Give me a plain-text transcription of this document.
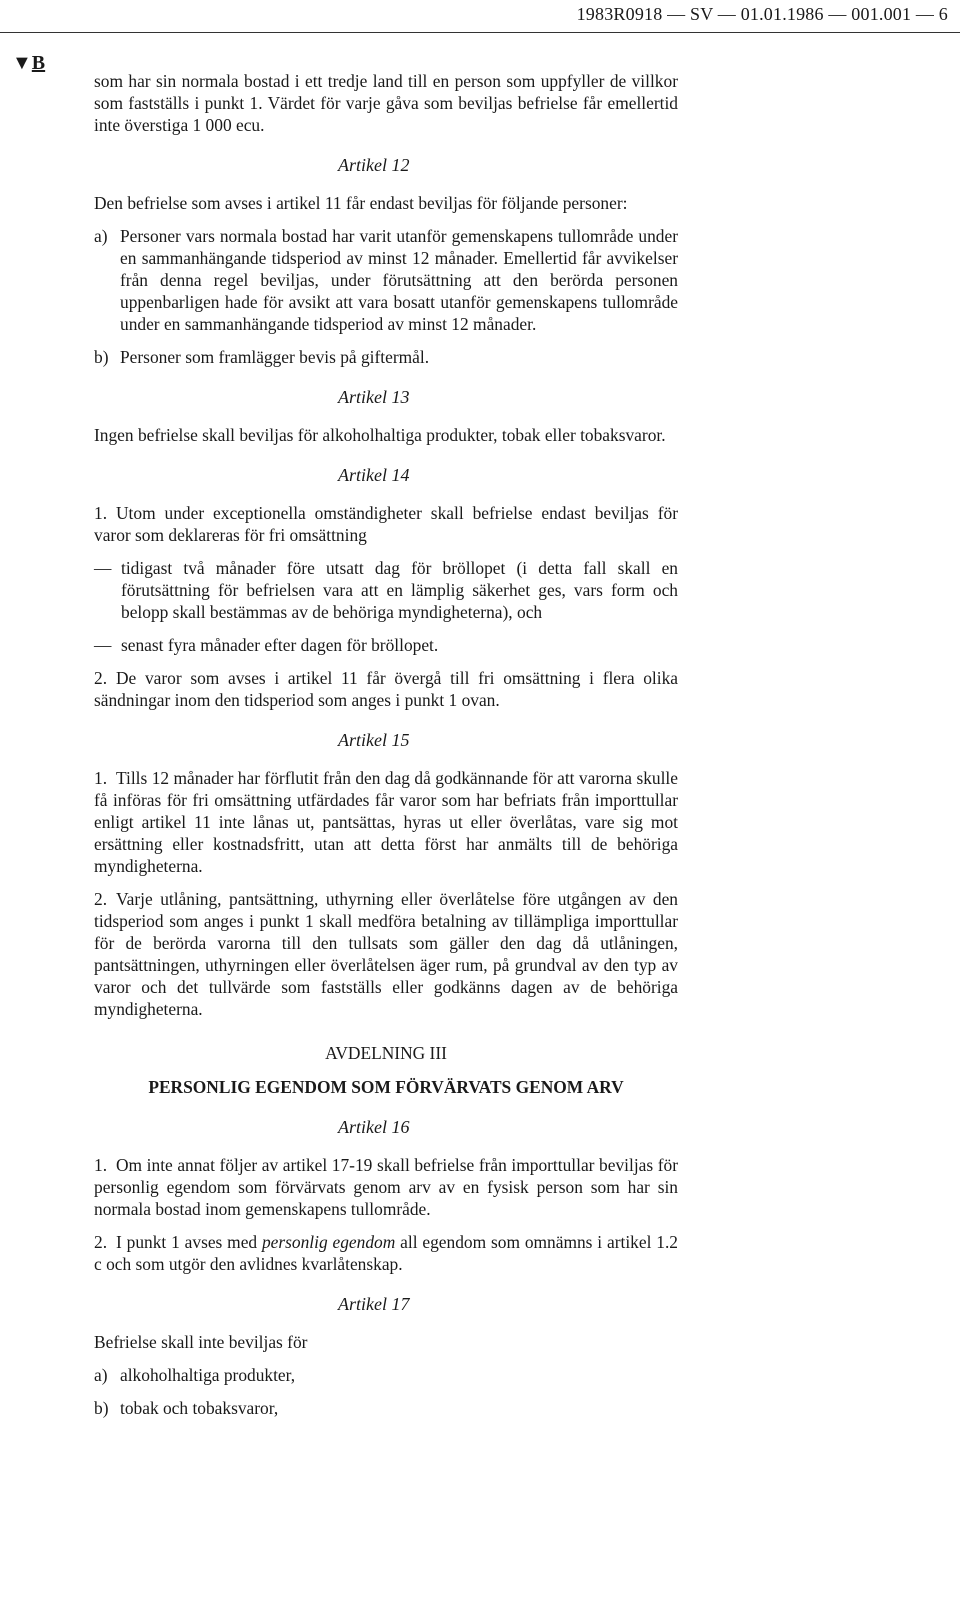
1983R0918 — SV — 01.01.1986 — 001.001 — 6
▼B

som har sin normala bostad i ett tredje land till en person som uppfyller de villkor som fastställs i punkt 1. Värdet för varje gåva som beviljas befrielse får emellertid inte överstiga 1 000 ecu.

Artikel 12

Den befrielse som avses i artikel 11 får endast beviljas för följande personer:

a) Personer vars normala bostad har varit utanför gemenskapens tullområde under en sammanhängande tidsperiod av minst 12 månader. Emellertid får avvikelser från denna regel beviljas, under förutsättning att den berörda personen uppenbarligen hade för avsikt att vara bosatt utanför gemenskapens tullområde under en sammanhängande tidsperiod av minst 12 månader.
b) Personer som framlägger bevis på giftermål.
Artikel 13

Ingen befrielse skall beviljas för alkoholhaltiga produkter, tobak eller tobaksvaror.

Artikel 14

1. Utom under exceptionella omständigheter skall befrielse endast beviljas för varor som deklareras för fri omsättning

— tidigast två månader före utsatt dag för bröllopet (i detta fall skall en förutsättning för befrielsen vara att en lämplig säkerhet ges, vars form och belopp skall bestämmas av de behöriga myndigheterna), och
— senast fyra månader efter dagen för bröllopet.

2. De varor som avses i artikel 11 får övergå till fri omsättning i flera olika sändningar inom den tidsperiod som anges i punkt 1 ovan.

Artikel 15

1. Tills 12 månader har förflutit från den dag då godkännande för att varorna skulle få införas för fri omsättning utfärdades får varor som har befriats från importtullar enligt artikel 11 inte lånas ut, pantsättas, hyras ut eller överlåtas, vare sig mot ersättning eller kostnadsfritt, utan att detta först har anmälts till de behöriga myndigheterna.

2. Varje utlåning, pantsättning, uthyrning eller överlåtelse före utgången av den tidsperiod som anges i punkt 1 skall medföra betalning av tillämpliga importtullar för de berörda varorna till den tullsats som gäller den dag då utlåningen, pantsättningen, uthyrningen eller överlåtelsen äger rum, på grundval av den typ av varor och det tullvärde som fastställs eller godkänns dagen av de behöriga myndigheterna.

AVDELNING III
PERSONLIG EGENDOM SOM FÖRVÄRVATS GENOM ARV
Artikel 16

1. Om inte annat följer av artikel 17-19 skall befrielse från importtullar beviljas för personlig egendom som förvärvats genom arv av en fysisk person som har sin normala bostad inom gemenskapens tullområde.

2. I punkt 1 avses med personlig egendom all egendom som omnämns i artikel 1.2 c och som utgör den avlidnes kvarlåtenskap.

Artikel 17

Befrielse skall inte beviljas för

a) alkoholhaltiga produkter,
b) tobak och tobaksvaror,
